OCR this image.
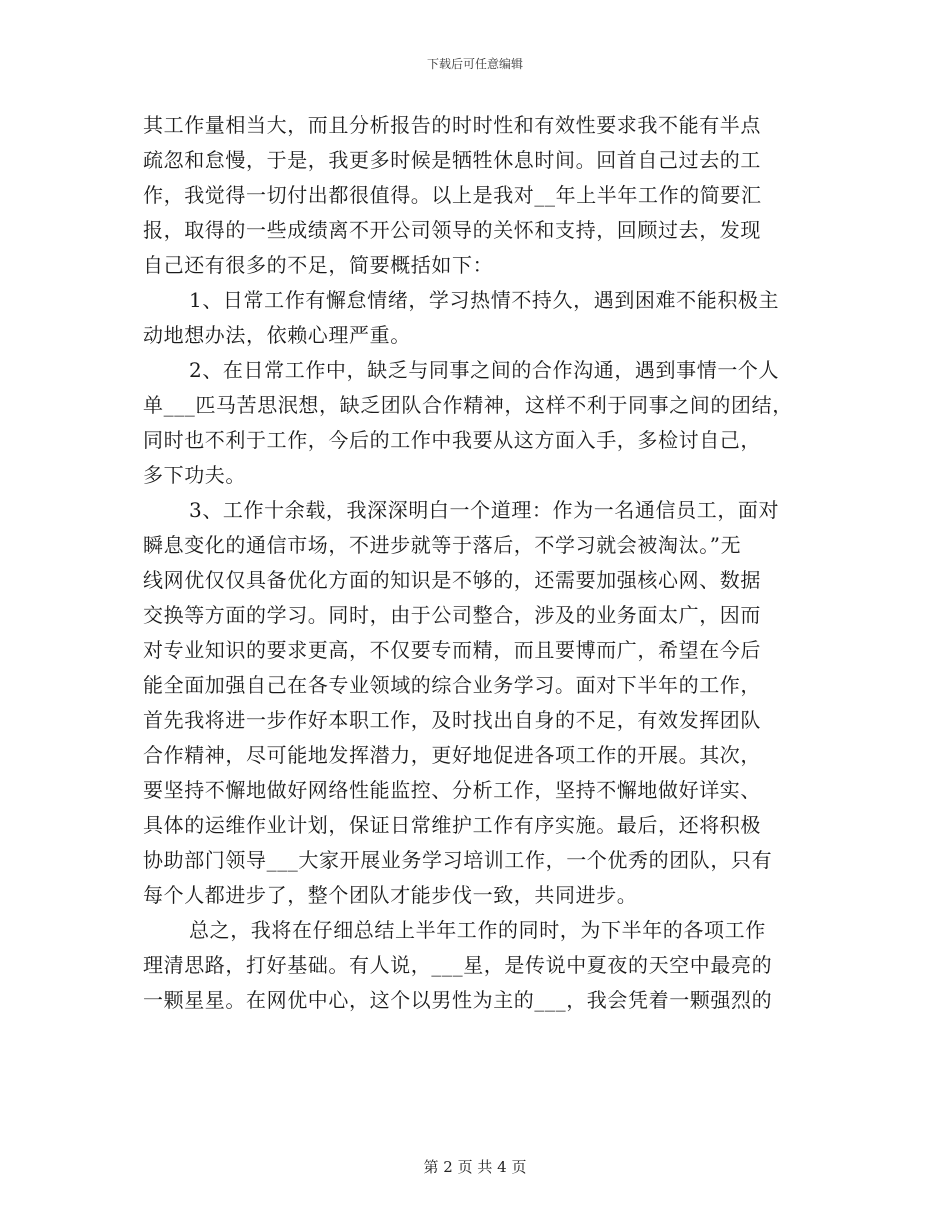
下载后可任意编辑
其工作量相当大，而且分析报告的时时性和有效性要求我不能有半点
疏忽和怠慢，于是，我更多时候是牺牲休息时间。回首自己过去的工
作，我觉得一切付出都很值得。以上是我对__年上半年工作的简要汇
报，取得的一些成绩离不开公司领导的关怀和支持，回顾过去，发现
自己还有很多的不足，简要概括如下：
1、日常工作有懈怠情绪，学习热情不持久，遇到困难不能积极主
动地想办法，依赖心理严重。
2、在日常工作中，缺乏与同事之间的合作沟通，遇到事情一个人
单___匹马苦思泯想，缺乏团队合作精神，这样不利于同事之间的团结，
同时也不利于工作，今后的工作中我要从这方面入手，多检讨自己，
多下功夫。
3、工作十余载，我深深明白一个道理：作为一名通信员工，面对
瞬息变化的通信市场，不进步就等于落后，不学习就会被淘汰。”无
线网优仅仅具备优化方面的知识是不够的，还需要加强核心网、数据
交换等方面的学习。同时，由于公司整合，涉及的业务面太广，因而
对专业知识的要求更高，不仅要专而精，而且要博而广，希望在今后
能全面加强自己在各专业领域的综合业务学习。面对下半年的工作，
首先我将进一步作好本职工作，及时找出自身的不足，有效发挥团队
合作精神，尽可能地发挥潜力，更好地促进各项工作的开展。其次，
要坚持不懈地做好网络性能监控、分析工作，坚持不懈地做好详实、
具体的运维作业计划，保证日常维护工作有序实施。最后，还将积极
协助部门领导___大家开展业务学习培训工作，一个优秀的团队，只有
每个人都进步了，整个团队才能步伐一致，共同进步。
总之，我将在仔细总结上半年工作的同时，为下半年的各项工作
理清思路，打好基础。有人说，___星，是传说中夏夜的天空中最亮的
一颗星星。在网优中心，这个以男性为主的___，我会凭着一颗强烈的
第 2 页 共 4 页
